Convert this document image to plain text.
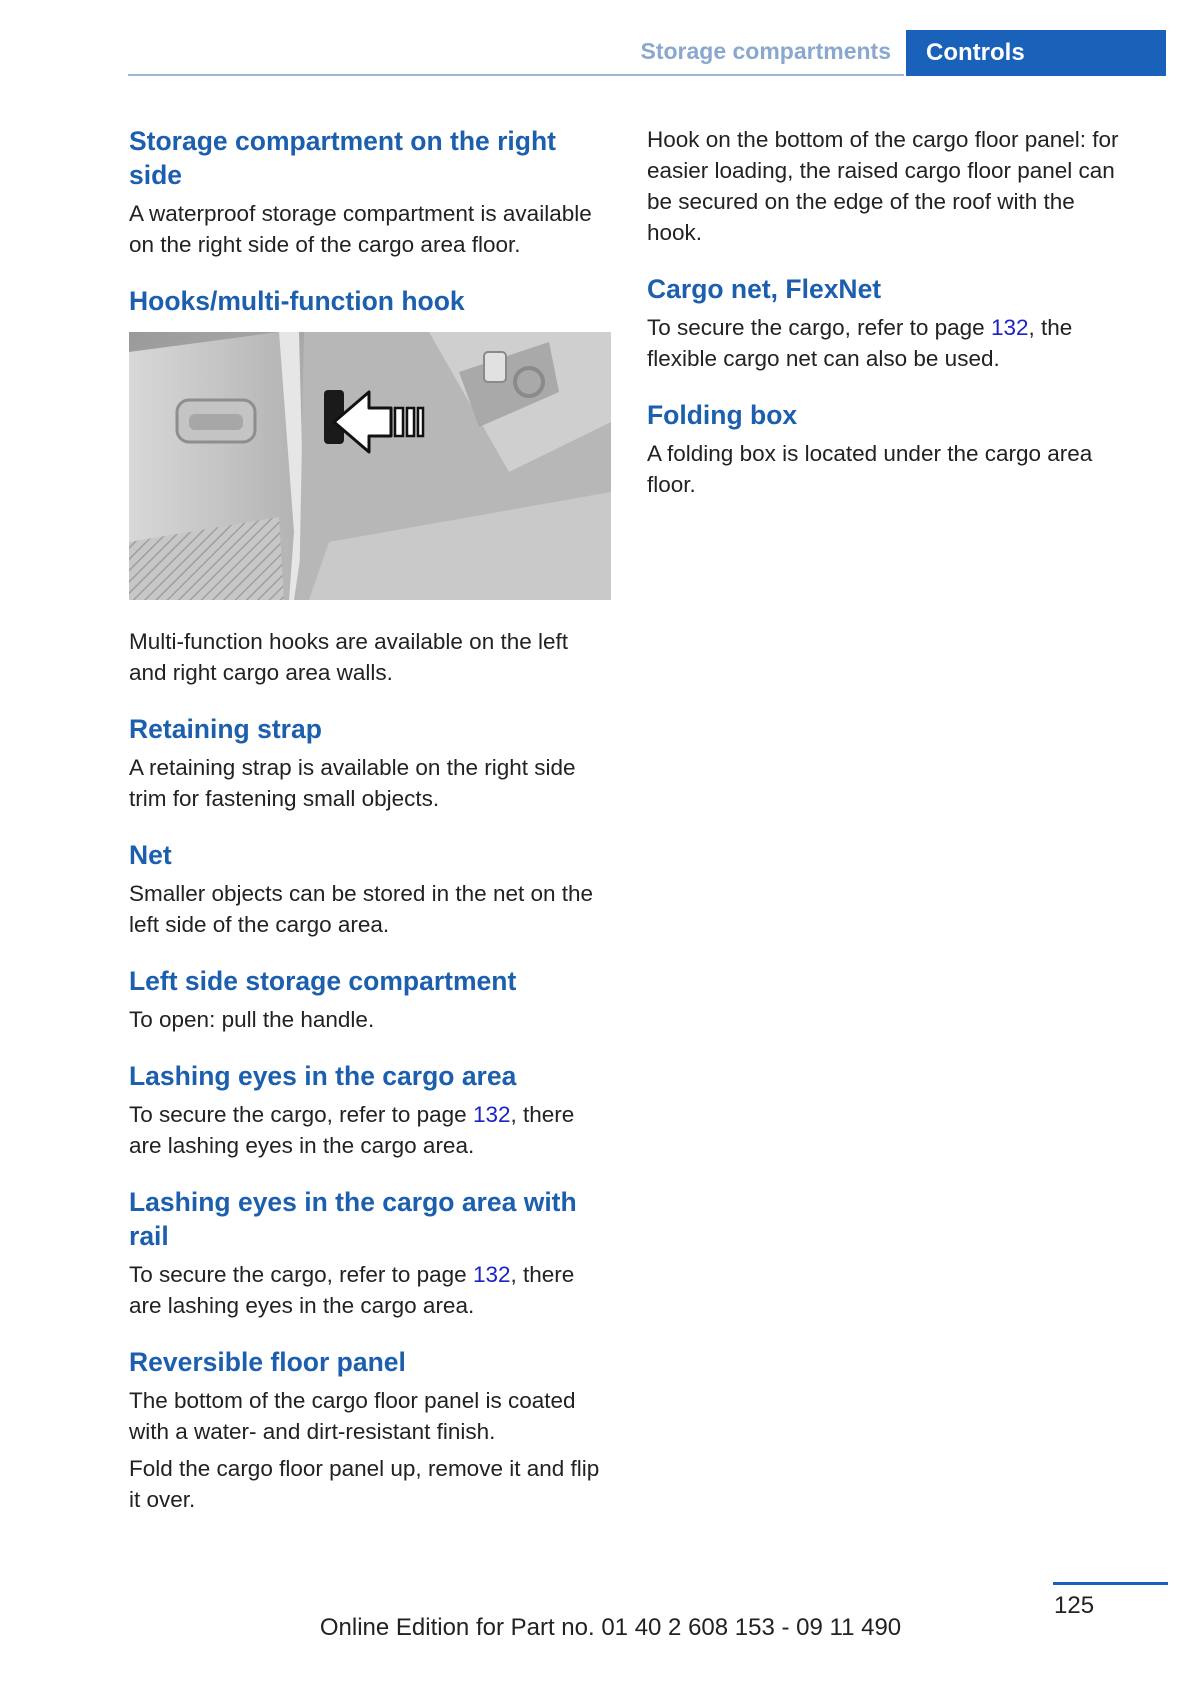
Storage compartments	Controls
Storage compartment on the right side

A waterproof storage compartment is available on the right side of the cargo area floor.

Hooks/multi-function hook

Multi-function hooks are available on the left and right cargo area walls.

Retaining strap

A retaining strap is available on the right side trim for fastening small objects.

Net

Smaller objects can be stored in the net on the left side of the cargo area.

Left side storage compartment

To open: pull the handle.

Lashing eyes in the cargo area

To secure the cargo, refer to page 132, there are lashing eyes in the cargo area.

Lashing eyes in the cargo area with rail

To secure the cargo, refer to page 132, there are lashing eyes in the cargo area.

Reversible floor panel

The bottom of the cargo floor panel is coated with a water- and dirt-resistant finish.

Fold the cargo floor panel up, remove it and flip it over.

Hook on the bottom of the cargo floor panel: for easier loading, the raised cargo floor panel can be secured on the edge of the roof with the hook.

Cargo net, FlexNet

To secure the cargo, refer to page 132, the flexible cargo net can also be used.

Folding box

A folding box is located under the cargo area floor.

125
Online Edition for Part no. 01 40 2 608 153 - 09 11 490
